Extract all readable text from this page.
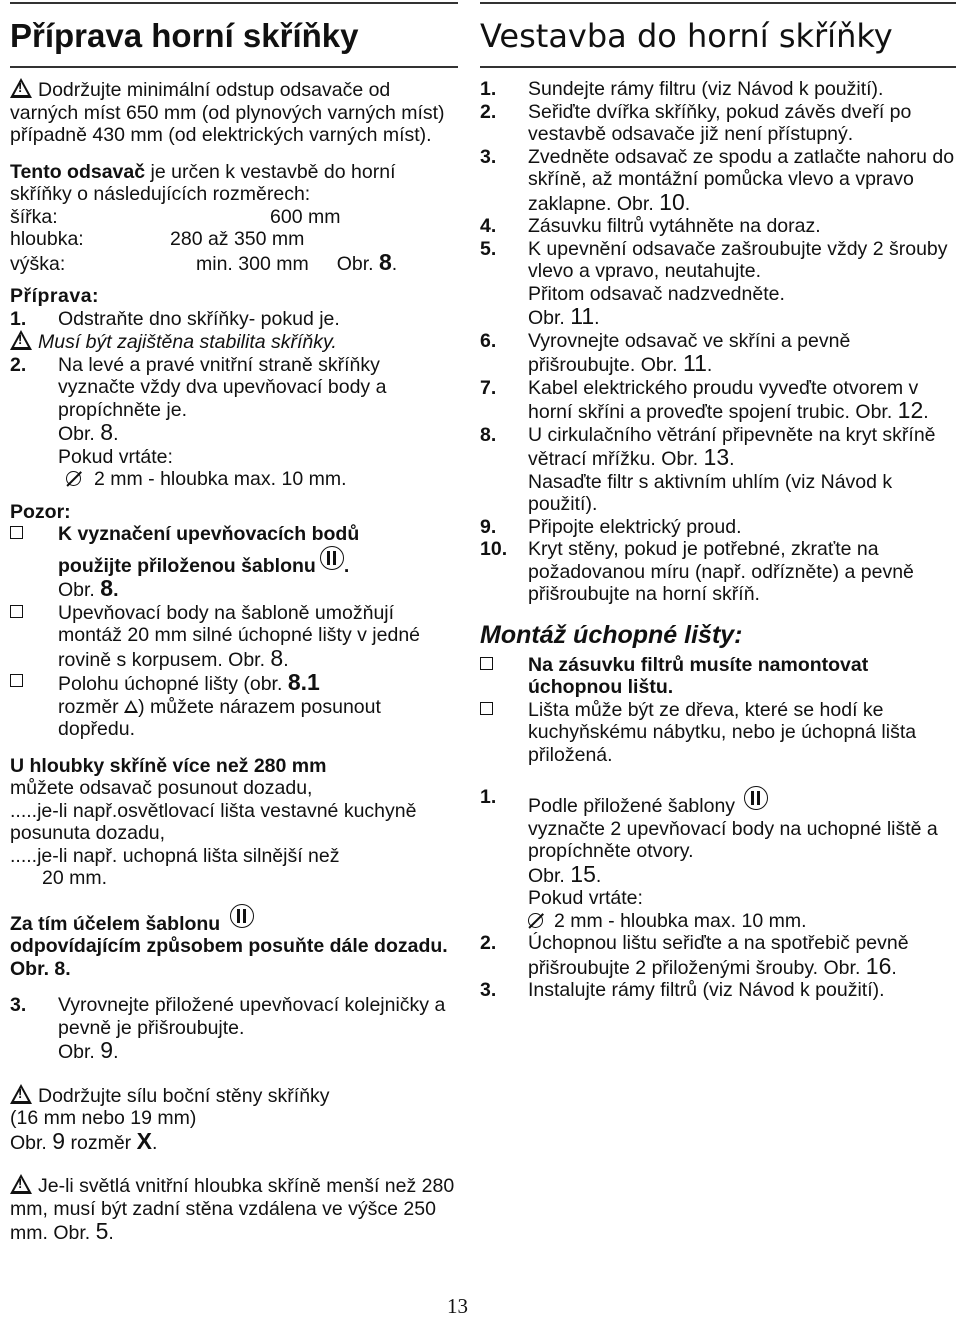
Příprava horní skříňky

!Dodržujte minimální odstup odsavače od varných míst 650 mm (od plynových varných míst) případně 430 mm (od elektrických varných míst).

Tento odsavač je určen k vestavbě do horní skříňky o následujících rozměrech:

šířka:	600 mm
hloubka:	280 až 350 mm
výška:	min. 300 mm Obr. 8.
Příprava:
1. Odstraňte dno skříňky- pokud je.
!Musí být zajištěna stabilita skříňky.
2.	Na levé a pravé vnitřní straně skříňky vyznačte vždy dva upevňovací body a propíchněte je.
Obr. 8.
Pokud vrtáte:
2 mm - hloubka max. 10 mm.
Pozor:
K vyznačení upevňovacích bodů
použijte přiloženou šablonu .
Obr. 8.
Upevňovací body na šabloně umožňují montáž 20 mm silné úchopné lišty v jedné rovině s korpusem. Obr. 8.
Polohu úchopné lišty (obr. 8.1
rozměr ) můžete nárazem posunout dopředu.
U hloubky skříně více než 280 mm
můžete odsavač posunout dozadu,
.....je-li např.osvětlovací lišta vestavné kuchyně posunuta dozadu,
.....je-li např. uchopná lišta silnější než
20 mm.
Za tím účelem šablonu
odpovídajícím způsobem posuňte dále dozadu.
Obr. 8.
3.	Vyrovnejte přiložené upevňovací kolejničky a pevně je přišroubujte.
Obr. 9.
!Dodržujte sílu boční stěny skříňky
(16 mm nebo 19 mm)
Obr. 9 rozměr X.
!Je-li světlá vnitřní hloubka skříně menší než 280 mm, musí být zadní stěna vzdálena ve výšce 250 mm. Obr. 5.
Vestavba do horní skříňky
1.	Sundejte rámy filtru (viz Návod k použití).
2.	Seřiďte dvířka skříňky, pokud závěs dveří po vestavbě odsavače již není přístupný.
3.	Zvedněte odsavač ze spodu a zatlačte nahoru do skříně, až montážní pomůcka vlevo a vpravo zaklapne. Obr. 10.
4.	Zásuvku filtrů vytáhněte na doraz.
5.	K upevnění odsavače zašroubujte vždy 2 šrouby vlevo a vpravo, neutahujte.
Přitom odsavač nadzvedněte.
Obr. 11.
6.	Vyrovnejte odsavač ve skříni a pevně přišroubujte. Obr. 11.
7.	Kabel elektrického proudu vyveďte otvorem v horní skříni a proveďte spojení trubic. Obr. 12.
8.	U cirkulačního větrání připevněte na kryt skříně větrací mřížku. Obr. 13.
Nasaďte filtr s aktivním uhlím (viz Návod k použití).
9.	Připojte elektrický proud.
10.	Kryt stěny, pokud je potřebné, zkraťte na požadovanou míru (např. odřízněte) a pevně přišroubujte na horní skříň.
Montáž úchopné lišty:
Na zásuvku filtrů musíte namontovat úchopnou lištu.
Lišta může být ze dřeva, které se hodí ke kuchyňskému nábytku, nebo je úchopná lišta přiložená.
1.	Podle přiložené šablony
vyznačte 2 upevňovací body na uchopné liště a propíchněte otvory.
Obr. 15.
Pokud vrtáte:
2 mm - hloubka max. 10 mm.
2.	Úchopnou lištu seřiďte a na spotřebič pevně přišroubujte 2 přiloženými šrouby. Obr. 16.
3.	Instalujte rámy filtrů (viz Návod k použití).
13
